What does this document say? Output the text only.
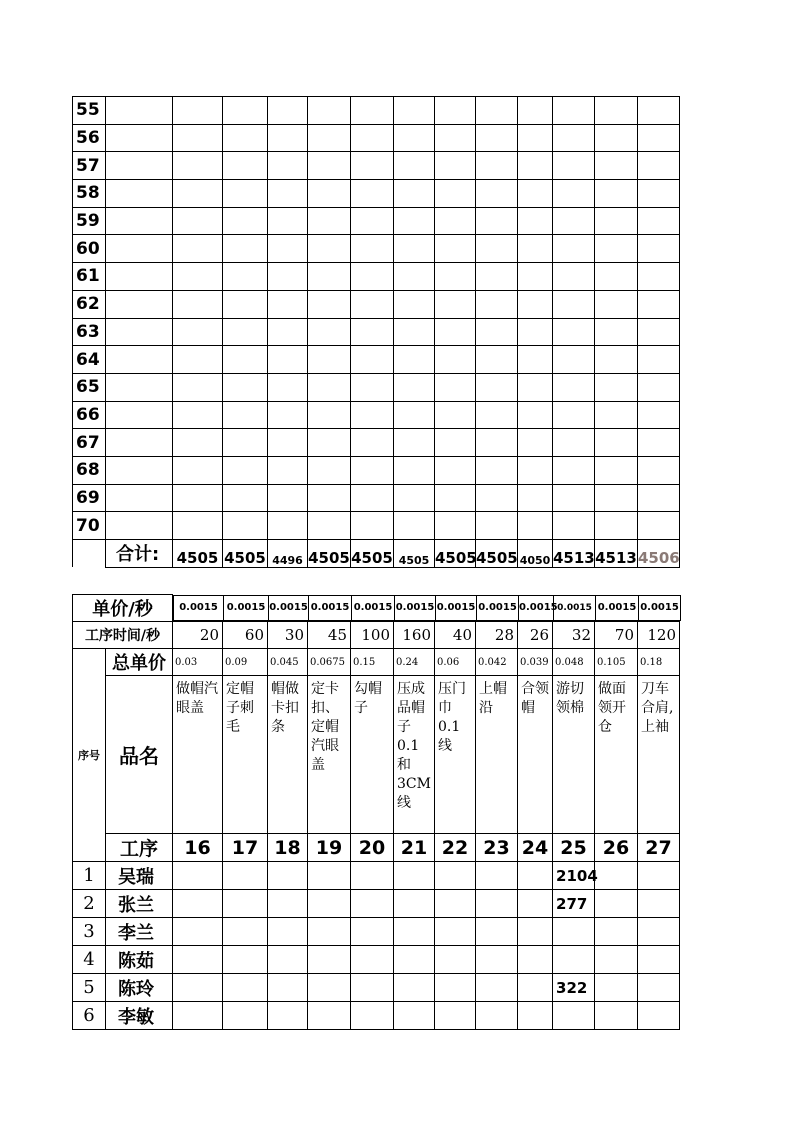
55													
56													
57													
58													
59													
60													
61													
62													
63													
64													
65													
66													
67													
68													
69													
70													
	合计:	4505	4505	4496	4505	4505	4505	4505	4505	4050	4513	4513	4506
单价/秒		0.0015	0.0015	0.0015	0.0015	0.0015	0.0015	0.0015	0.0015	0.0015	0.0015	0.0015	0.0015

工序时间/秒	20	60	30	45	100	160	40	28	26	32	70	120
序号	总单价	0.03	0.09	0.045	0.0675	0.15	0.24	0.06	0.042	0.039	0.048	0.105	0.18
品名	做帽汽眼盖	定帽子刺毛	帽做卡扣条	定卡扣、定帽汽眼盖	勾帽子	压成品帽子0.1和3CM线	压门巾0.1线	上帽沿	合领帽	游切领棉	做面领开仓	刀车合肩,上袖
工序	16	17	18	19	20	21	22	23	24	25	26	27
1	吴瑞										2104		
2	张兰										277		
3	李兰												
4	陈茹												
5	陈玲										322		
6	李敏												
